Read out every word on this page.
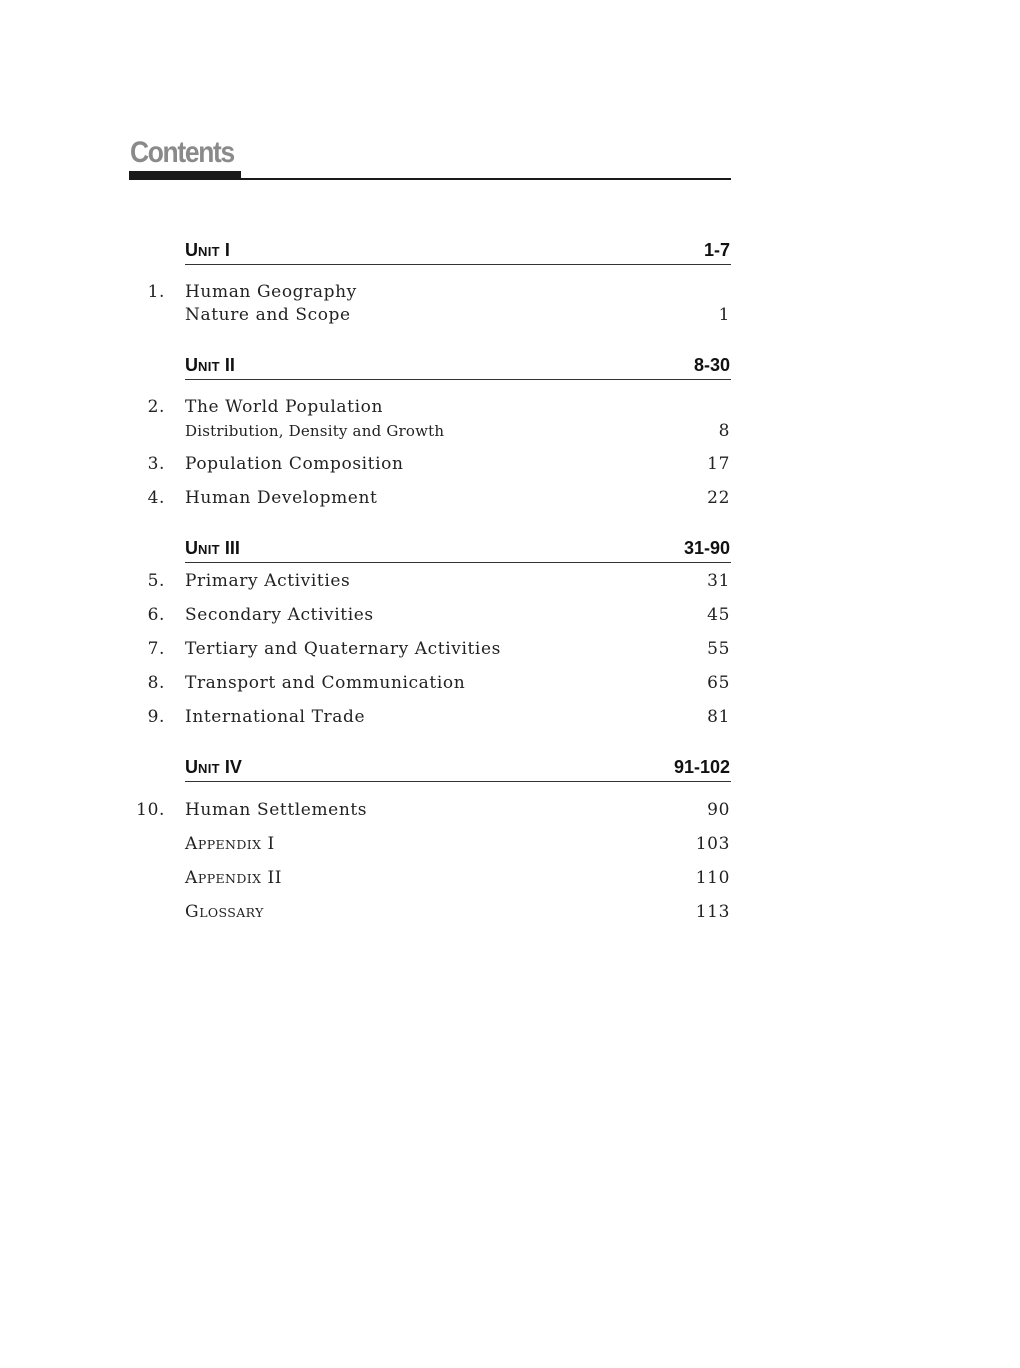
Contents
UNIT I	1-7
1. Human Geography
Nature and Scope	1
UNIT II	8-30
2. The World Population
Distribution, Density and Growth	8
3. Population Composition	17
4. Human Development	22
UNIT III	31-90
5. Primary Activities	31
6. Secondary Activities	45
7. Tertiary and Quaternary Activities	55
8. Transport and Communication	65
9. International Trade	81
UNIT IV	91-102
10. Human Settlements	90
APPENDIX I	103
APPENDIX II	110
GLOSSARY	113
